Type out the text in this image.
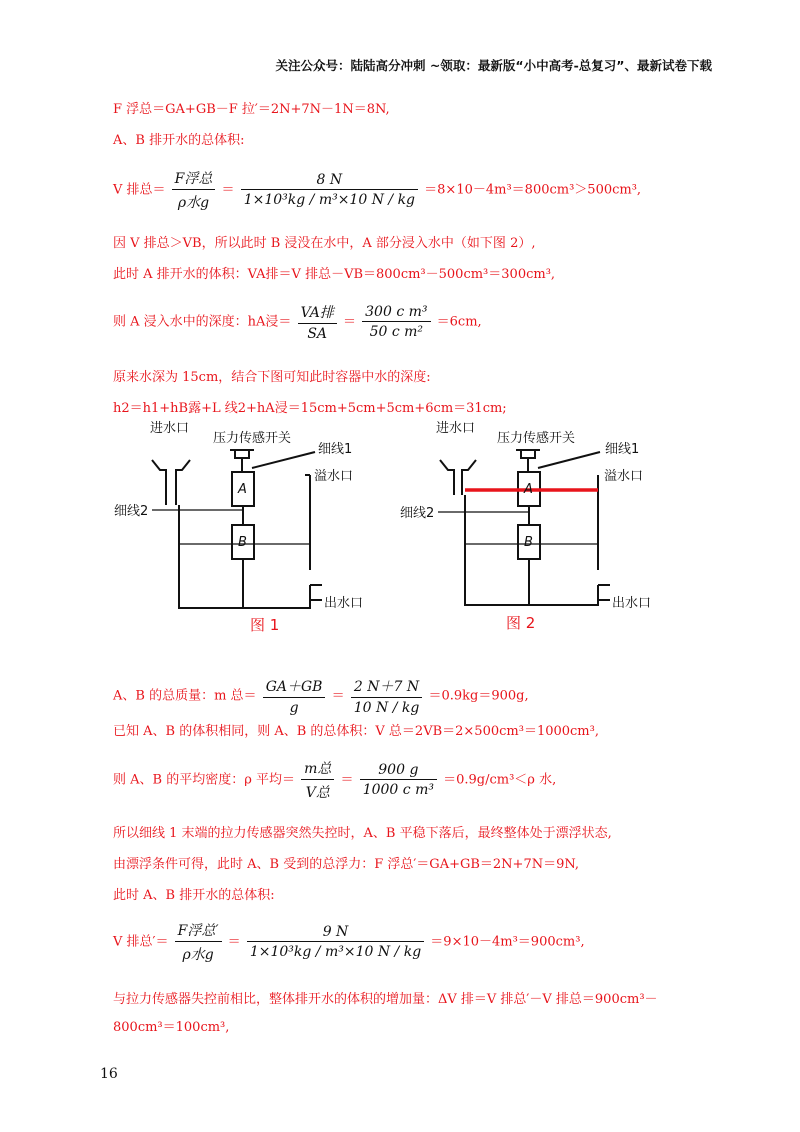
关注公众号：陆陆高分冲刺 ~领取：最新版“小中高考-总复习”、最新试卷下载
F 浮总＝GA+GB－F 拉′＝2N+7N－1N＝8N,
A、B 排开水的总体积:
V 排总＝ $\frac{\text{F浮总}}{\text{ρ水g}} = \frac{8 N}{\text{1×10³kg / m³×10 N / kg}} =8\times 10-4m^3=800cm^3>500cm^3$,
因 V 排总＞VB，所以此时 B 浸没在水中，A 部分浸入水中（如下图 2）,
此时 A 排开水的体积：VA排＝V 排总－VB＝800cm³－500cm³＝300cm³,
则 A 浸入水中的深度：hA浸＝ $\frac{\text{VA排}}{SA} = \frac{\text{300 c m³}}{\text{50 c m²}} =6cm$,
原来水深为 15cm，结合下图可知此时容器中水的深度:
h2＝h1+hB露+L 线2+hA浸＝15cm+5cm+5cm+6cm＝31cm;
进水口
压力传感开关
细线1
溢水口
细线2
出水口
A
B
图 1
进水口
压力传感开关
细线1
溢水口
细线2
出水口
A
B
图 2
A、B 的总质量：m 总＝ $\frac{GA+GB}{g} = \frac{2 N+7 N}{10 N / kg} =0.9kg=900g$,
已知 A、B 的体积相同，则 A、B 的总体积：V 总＝2VB＝2×500cm³＝1000cm³,
则 A、B 的平均密度：ρ 平均＝ $\frac{\text{m总}}{\text{V总}} = \frac{900 g}{\text{1000 c m³}} =0.9g/cm^3<\rho$ 水,
所以细线 1 末端的拉力传感器突然失控时，A、B 平稳下落后，最终整体处于漂浮状态,
由漂浮条件可得，此时 A、B 受到的总浮力：F 浮总′＝GA+GB＝2N+7N＝9N,
此时 A、B 排开水的总体积:
V 排总′＝ $\frac{\text{F浮总′}}{\text{ρ水g}} = \frac{9 N}{\text{1×10³kg / m³×10 N / kg}} =9\times 10-4m^3=900cm^3$,
与拉力传感器失控前相比，整体排开水的体积的增加量：ΔV 排＝V 排总′－V 排总＝900cm³－
800cm³＝100cm³,
16
